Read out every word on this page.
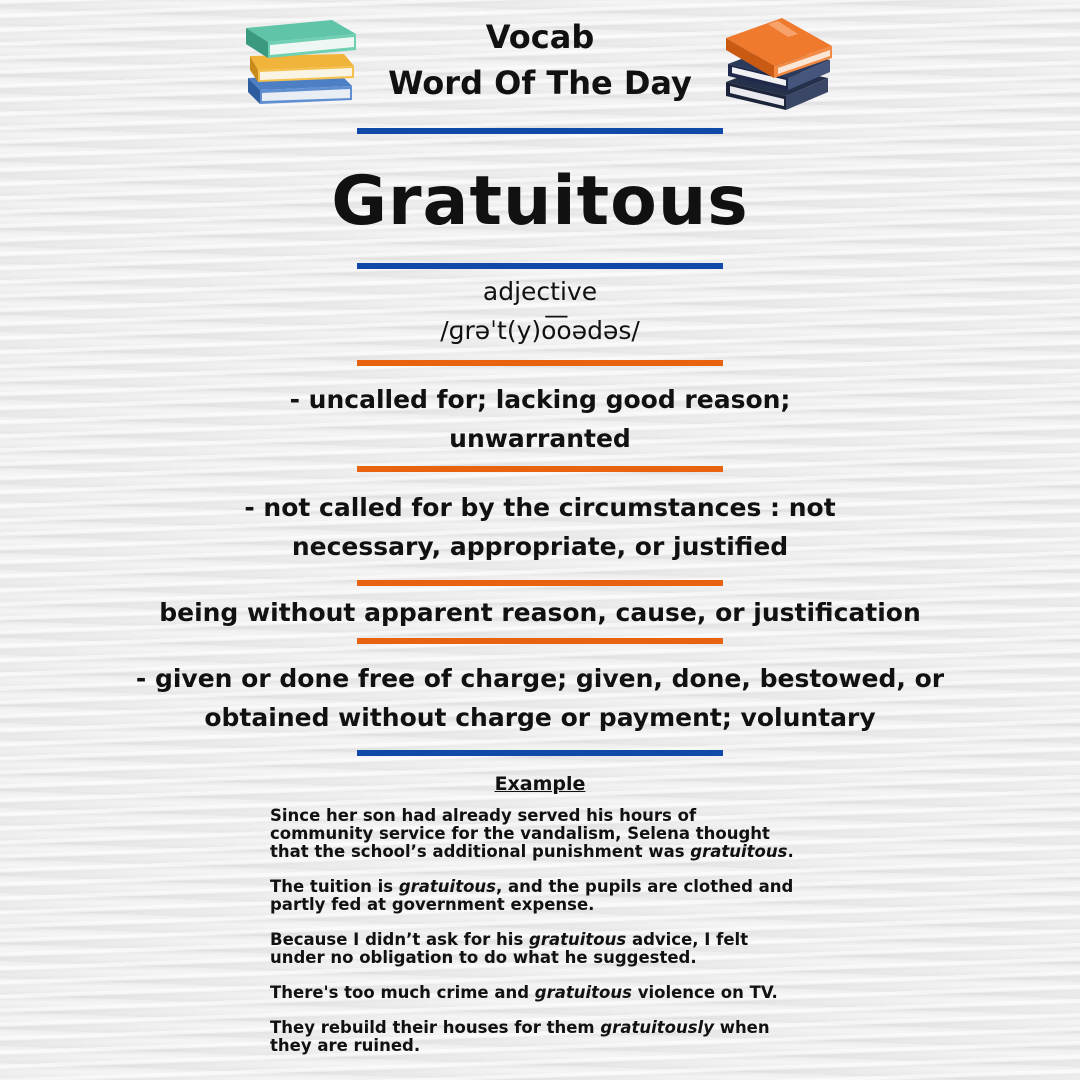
Vocab
Word Of The Day
Gratuitous
adjective
/ɡrəˈt(y)o͞oədəs/
- uncalled for; lacking good reason;
unwarranted
- not called for by the circumstances : not
necessary, appropriate, or justified
being without apparent reason, cause, or justification
- given or done free of charge; given, done, bestowed, or
obtained without charge or payment; voluntary
Example
Since her son had already served his hours of
community service for the vandalism, Selena thought
that the school’s additional punishment was gratuitous.
The tuition is gratuitous, and the pupils are clothed and
partly fed at government expense.
Because I didn’t ask for his gratuitous advice, I felt
under no obligation to do what he suggested.
There's too much crime and gratuitous violence on TV.
They rebuild their houses for them gratuitously when
they are ruined.
